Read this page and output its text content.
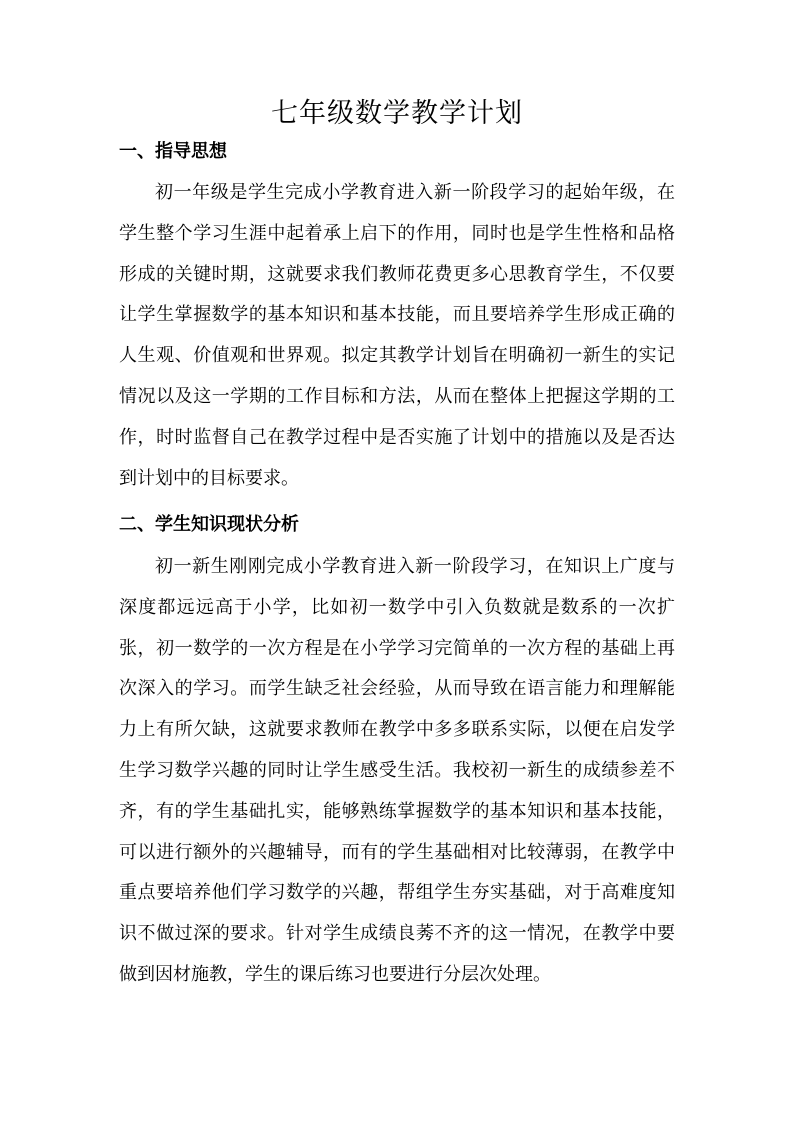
七年级数学教学计划
一、指导思想

初一年级是学生完成小学教育进入新一阶段学习的起始年级，在学生整个学习生涯中起着承上启下的作用，同时也是学生性格和品格形成的关键时期，这就要求我们教师花费更多心思教育学生，不仅要让学生掌握数学的基本知识和基本技能，而且要培养学生形成正确的人生观、价值观和世界观。拟定其教学计划旨在明确初一新生的实记情况以及这一学期的工作目标和方法，从而在整体上把握这学期的工作，时时监督自己在教学过程中是否实施了计划中的措施以及是否达到计划中的目标要求。

二、学生知识现状分析

初一新生刚刚完成小学教育进入新一阶段学习，在知识上广度与深度都远远高于小学，比如初一数学中引入负数就是数系的一次扩张，初一数学的一次方程是在小学学习完简单的一次方程的基础上再次深入的学习。而学生缺乏社会经验，从而导致在语言能力和理解能力上有所欠缺，这就要求教师在教学中多多联系实际，以便在启发学生学习数学兴趣的同时让学生感受生活。我校初一新生的成绩参差不齐，有的学生基础扎实，能够熟练掌握数学的基本知识和基本技能，可以进行额外的兴趣辅导，而有的学生基础相对比较薄弱，在教学中重点要培养他们学习数学的兴趣，帮组学生夯实基础，对于高难度知识不做过深的要求。针对学生成绩良莠不齐的这一情况，在教学中要做到因材施教，学生的课后练习也要进行分层次处理。
